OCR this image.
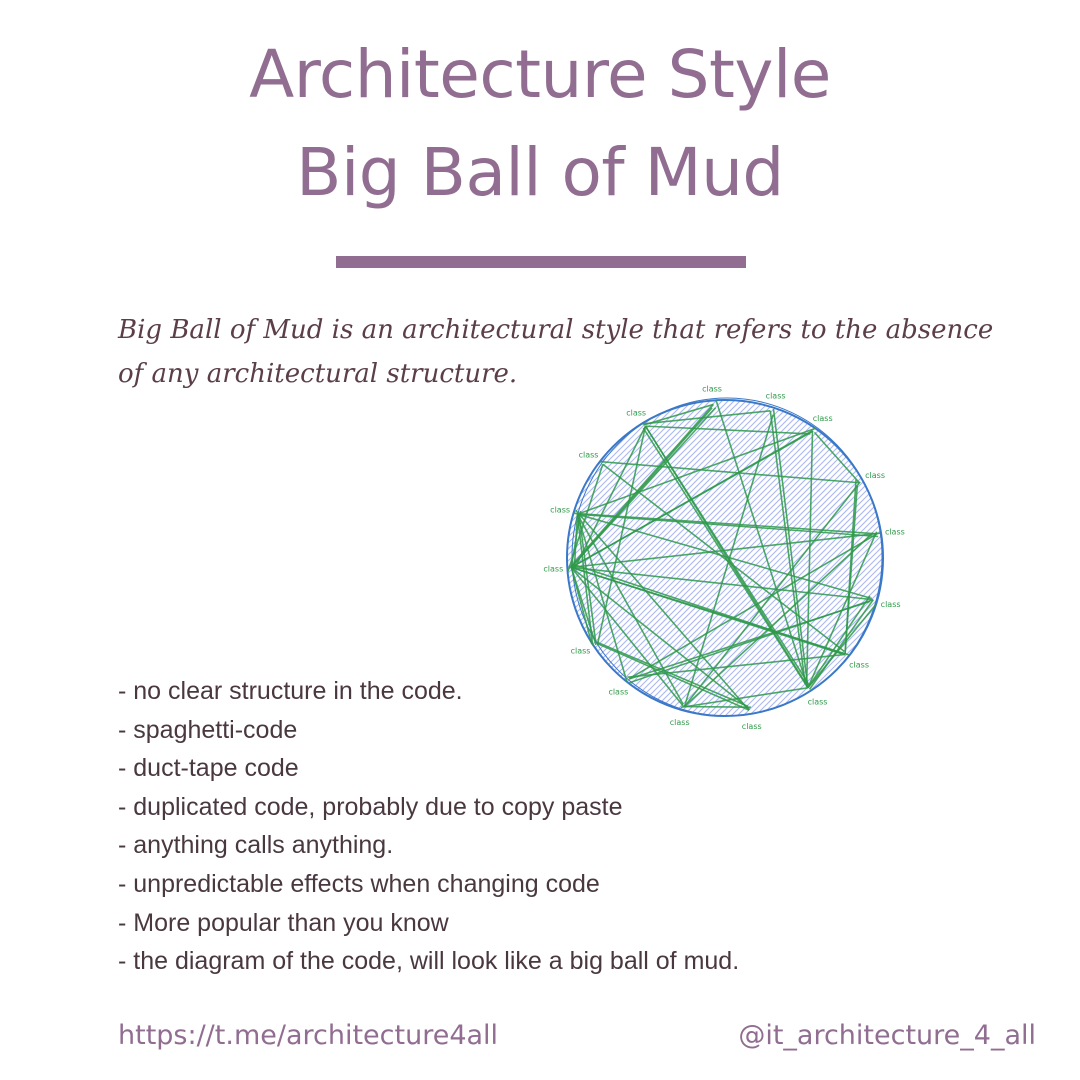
Architecture Style
Big Ball of Mud
Big Ball of Mud is an architectural style that refers to the absence of any architectural structure.
class
class
class
class
class
class
class
class
class
class
class
class
class
class
class
class
- no clear structure in the code.
- spaghetti-code
- duct-tape code
- duplicated code, probably due to copy paste
- anything calls anything.
- unpredictable effects when changing code
- More popular than you know
- the diagram of the code, will look like a big ball of mud.
https://t.me/architecture4all	@it_architecture_4_all
